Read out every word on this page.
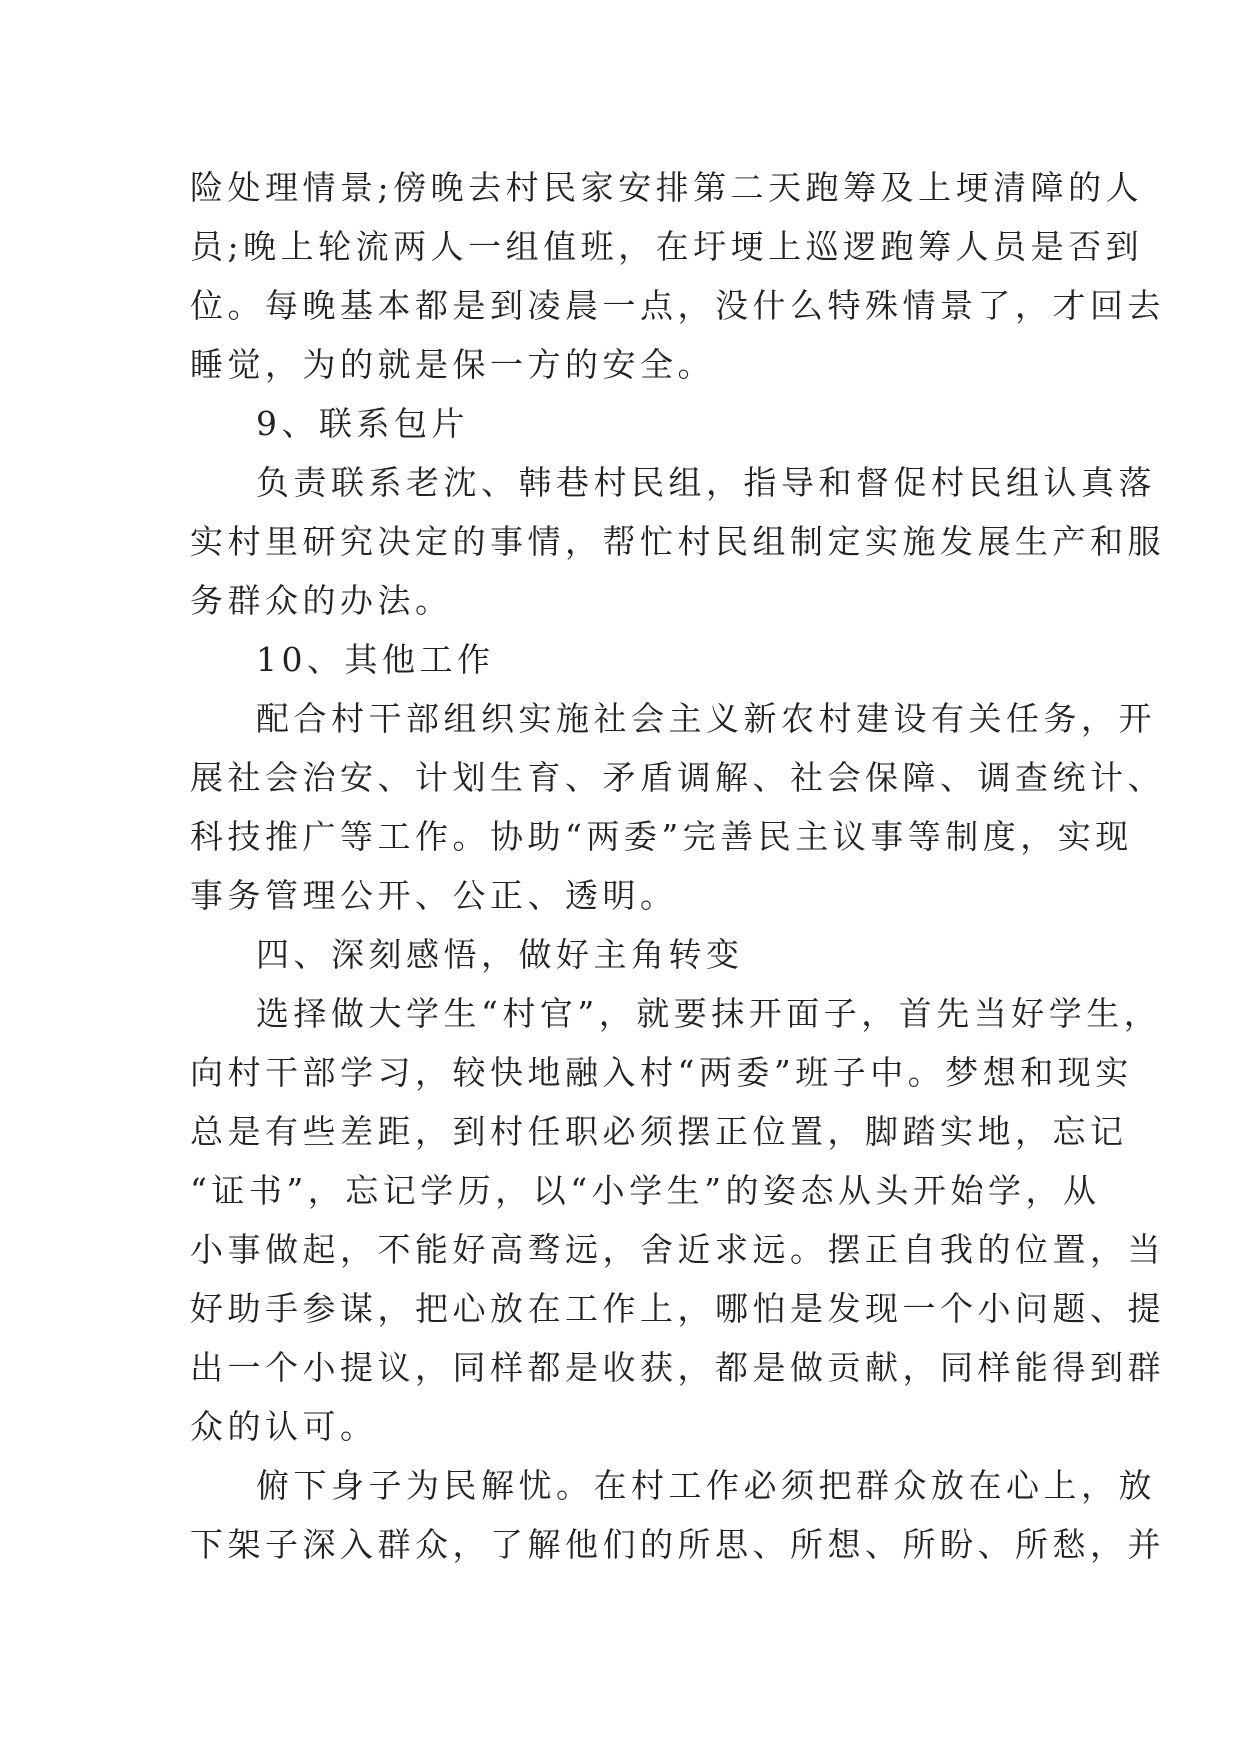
险处理情景;傍晚去村民家安排第二天跑筹及上埂清障的人
员;晚上轮流两人一组值班，在圩埂上巡逻跑筹人员是否到
位。每晚基本都是到凌晨一点，没什么特殊情景了，才回去
睡觉，为的就是保一方的安全。
9、联系包片
负责联系老沈、韩巷村民组，指导和督促村民组认真落
实村里研究决定的事情，帮忙村民组制定实施发展生产和服
务群众的办法。
10、其他工作
配合村干部组织实施社会主义新农村建设有关任务，开
展社会治安、计划生育、矛盾调解、社会保障、调查统计、
科技推广等工作。协助“两委”完善民主议事等制度，实现
事务管理公开、公正、透明。
四、深刻感悟，做好主角转变
选择做大学生“村官”，就要抹开面子，首先当好学生，
向村干部学习，较快地融入村“两委”班子中。梦想和现实
总是有些差距，到村任职必须摆正位置，脚踏实地，忘记
“证书”，忘记学历，以“小学生”的姿态从头开始学，从
小事做起，不能好高骛远，舍近求远。摆正自我的位置，当
好助手参谋，把心放在工作上，哪怕是发现一个小问题、提
出一个小提议，同样都是收获，都是做贡献，同样能得到群
众的认可。
俯下身子为民解忧。在村工作必须把群众放在心上，放
下架子深入群众，了解他们的所思、所想、所盼、所愁，并
